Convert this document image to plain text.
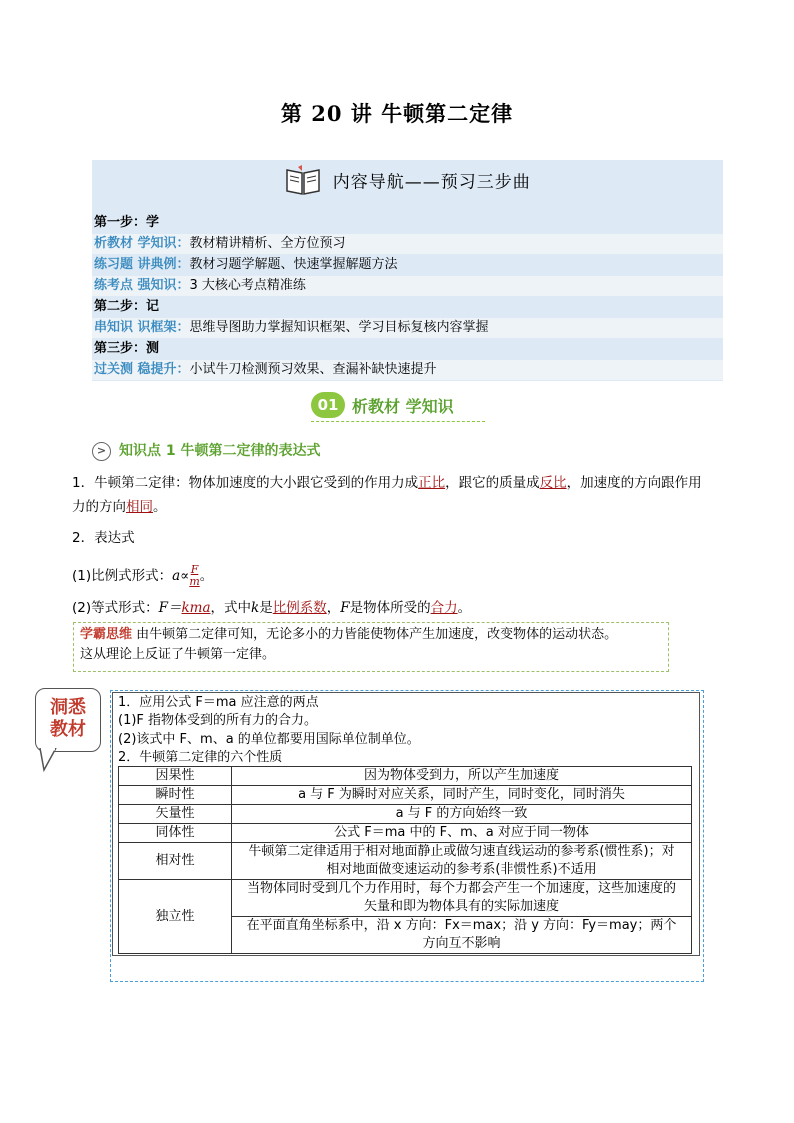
第 20 讲 牛顿第二定律
内容导航——预习三步曲
第一步：学
析教材 学知识：教材精讲精析、全方位预习
练习题 讲典例：教材习题学解题、快速掌握解题方法
练考点 强知识：3 大核心考点精准练
第二步：记
串知识 识框架：思维导图助力掌握知识框架、学习目标复核内容掌握
第三步：测
过关测 稳提升：小试牛刀检测预习效果、查漏补缺快速提升
01 析教材 学知识
> 知识点 1 牛顿第二定律的表达式
1．牛顿第二定律：物体加速度的大小跟它受到的作用力成正比，跟它的质量成反比，加速度的方向跟作用
力的方向相同。
2．表达式
(1)比例式形式：$a\propto \frac{F}{m}$ 。
(2)等式形式：F＝kma，式中k是比例系数，F是物体所受的合力。
学霸思维 由牛顿第二定律可知，无论多小的力皆能使物体产生加速度，改变物体的运动状态。
这从理论上反证了牛顿第一定律。
洞悉
教材
1．应用公式 F＝ma 应注意的两点
(1)F 指物体受到的所有力的合力。
(2)该式中 F、m、a 的单位都要用国际单位制单位。
2．牛顿第二定律的六个性质
因果性	因为物体受到力，所以产生加速度
瞬时性	a 与 F 为瞬时对应关系，同时产生，同时变化，同时消失
矢量性	a 与 F 的方向始终一致
同体性	公式 F＝ma 中的 F、m、a 对应于同一物体
相对性	牛顿第二定律适用于相对地面静止或做匀速直线运动的参考系(惯性系)；对相对地面做变速运动的参考系(非惯性系)不适用
独立性	当物体同时受到几个力作用时，每个力都会产生一个加速度，这些加速度的矢量和即为物体具有的实际加速度
	在平面直角坐标系中，沿 x 方向：Fx＝max；沿 y 方向：Fy＝may；两个方向互不影响
